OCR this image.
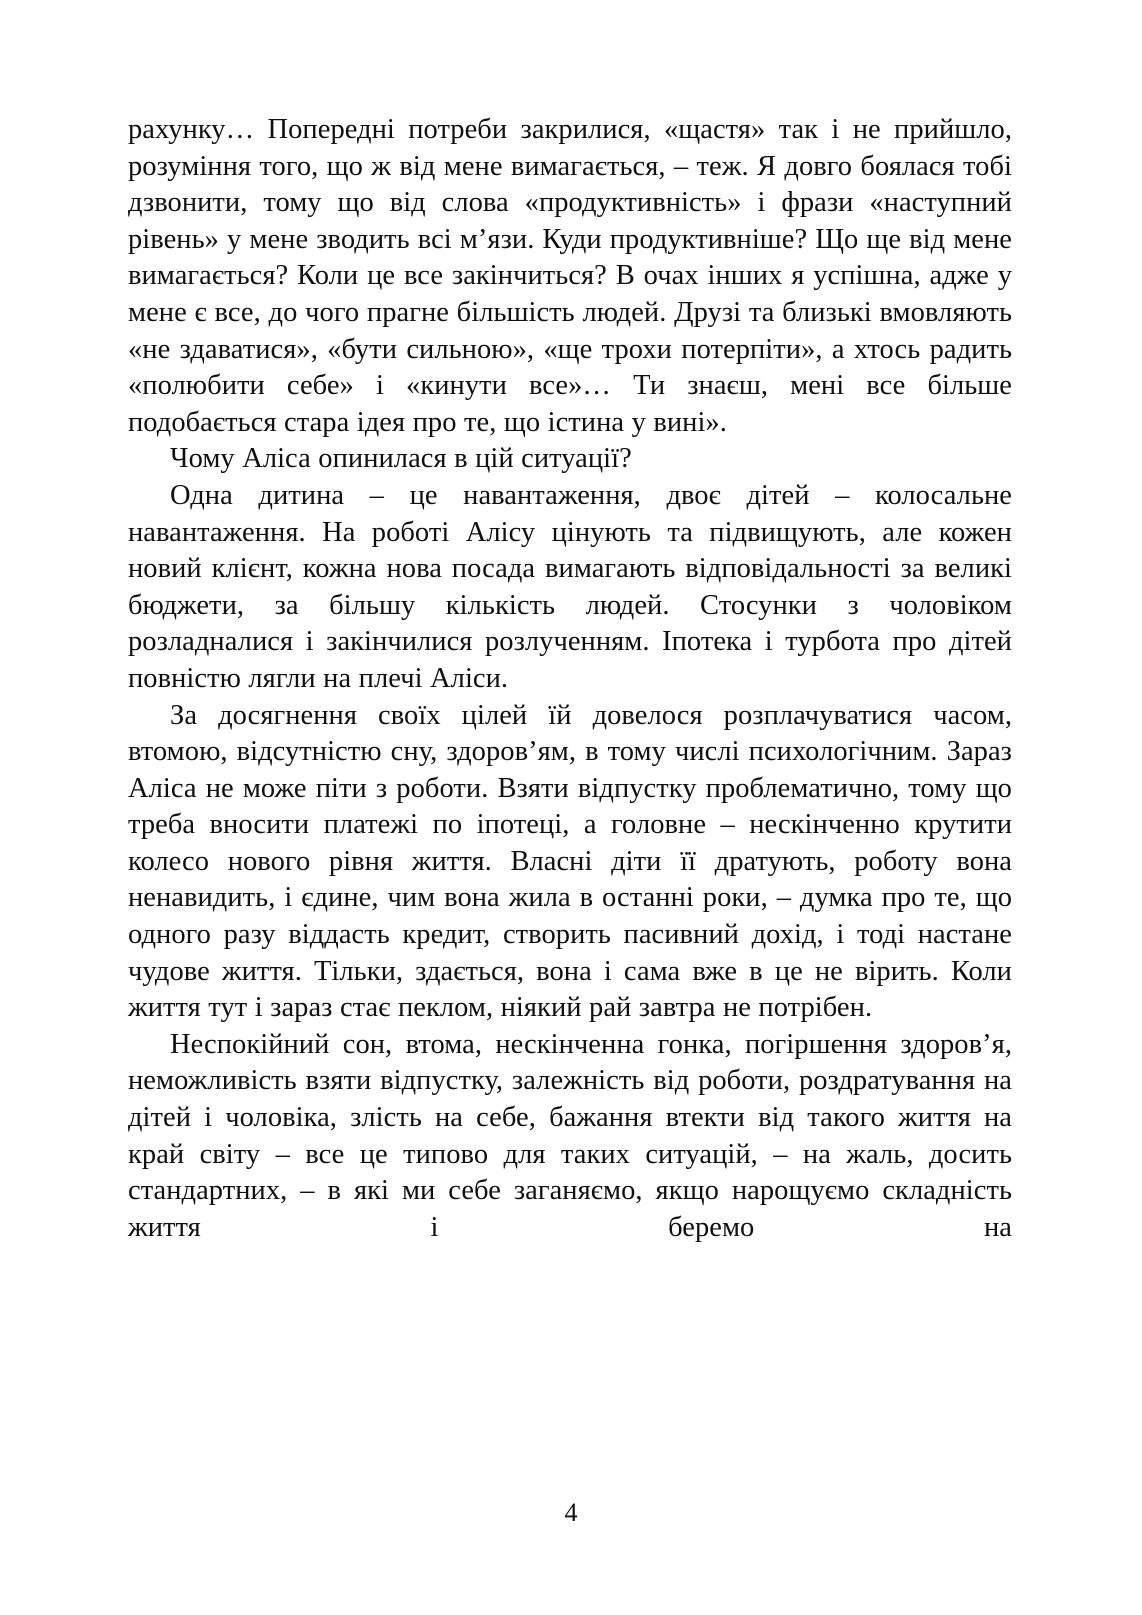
рахунку… Попередні потреби закрилися, «щастя» так і не прийшло, розуміння того, що ж від мене вимагається, – теж. Я довго боялася тобі дзвонити, тому що від слова «продуктивність» і фрази «наступний рівень» у мене зводить всі м’язи. Куди продуктивніше? Що ще від мене вимагається? Коли це все закінчиться? В очах інших я успішна, адже у мене є все, до чого прагне більшість людей. Друзі та близькі вмовляють «не здаватися», «бути сильною», «ще трохи потерпіти», а хтось радить «полюбити себе» і «кинути все»… Ти знаєш, мені все більше подобається стара ідея про те, що істина у вині».

Чому Аліса опинилася в цій ситуації?

Одна дитина – це навантаження, двоє дітей – колосальне навантаження. На роботі Алісу цінують та підвищують, але кожен новий клієнт, кожна нова посада вимагають відповідальності за великі бюджети, за більшу кількість людей. Стосунки з чоловіком розладналися і закінчилися розлученням. Іпотека і турбота про дітей повністю лягли на плечі Аліси.

За досягнення своїх цілей їй довелося розплачуватися часом, втомою, відсутністю сну, здоров’ям, в тому числі психологічним. Зараз Аліса не може піти з роботи. Взяти відпустку проблематично, тому що треба вносити платежі по іпотеці, а головне – нескінченно крутити колесо нового рівня життя. Власні діти її дратують, роботу вона ненавидить, і єдине, чим вона жила в останні роки, – думка про те, що одного разу віддасть кредит, створить пасивний дохід, і тоді настане чудове життя. Тільки, здається, вона і сама вже в це не вірить. Коли життя тут і зараз стає пеклом, ніякий рай завтра не потрібен.

Неспокійний сон, втома, нескінченна гонка, погіршення здоров’я, неможливість взяти відпустку, залежність від роботи, роздратування на дітей і чоловіка, злість на себе, бажання втекти від такого життя на край світу – все це типово для таких ситуацій, – на жаль, досить стандартних, – в які ми себе заганяємо, якщо нарощуємо складність життя і беремо на

4
